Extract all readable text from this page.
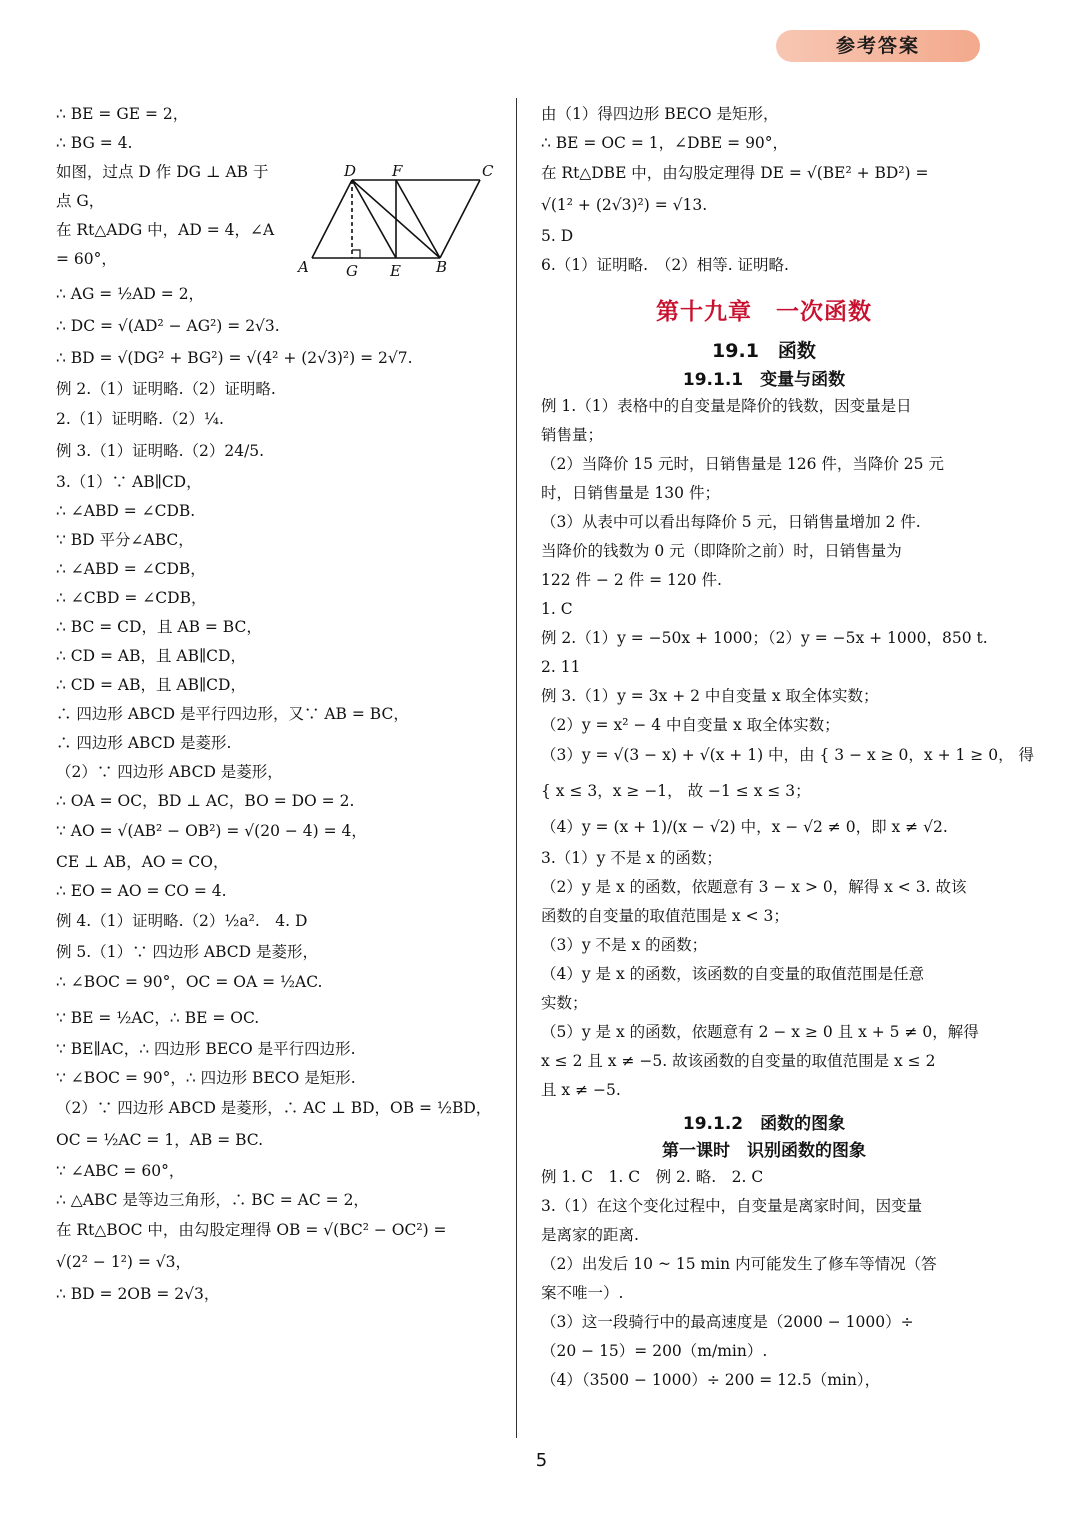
参考答案
∴ BE = GE = 2，
∴ BG = 4.
如图，过点 D 作 DG ⊥ AB 于
点 G，
在 Rt△ADG 中，AD = 4，∠A
= 60°，
∴ AG = ½AD = 2，
∴ DC = √(AD² − AG²) = 2√3.
∴ BD = √(DG² + BG²) = √(4² + (2√3)²) = 2√7.
例 2.（1）证明略.（2）证明略.
2.（1）证明略.（2）¼.
例 3.（1）证明略.（2）24/5.
3.（1）∵ AB∥CD，
∴ ∠ABD = ∠CDB.
∵ BD 平分∠ABC，
∴ ∠ABD = ∠CDB，
∴ ∠CBD = ∠CDB，
∴ BC = CD，且 AB = BC，
∴ CD = AB，且 AB∥CD，
∴ CD = AB，且 AB∥CD，
∴ 四边形 ABCD 是平行四边形，又∵ AB = BC，
∴ 四边形 ABCD 是菱形.
（2）∵ 四边形 ABCD 是菱形，
∴ OA = OC，BD ⊥ AC，BO = DO = 2.
∵ AO = √(AB² − OB²) = √(20 − 4) = 4，
CE ⊥ AB，AO = CO，
∴ EO = AO = CO = 4.
例 4.（1）证明略.（2）½a².　4. D
例 5.（1）∵ 四边形 ABCD 是菱形，
∴ ∠BOC = 90°，OC = OA = ½AC.
∵ BE = ½AC，∴ BE = OC.
∵ BE∥AC，∴ 四边形 BECO 是平行四边形.
∵ ∠BOC = 90°，∴ 四边形 BECO 是矩形.
（2）∵ 四边形 ABCD 是菱形，∴ AC ⊥ BD，OB = ½BD，
OC = ½AC = 1，AB = BC.
∵ ∠ABC = 60°，
∴ △ABC 是等边三角形，∴ BC = AC = 2，
在 Rt△BOC 中，由勾股定理得 OB = √(BC² − OC²) =
√(2² − 1²) = √3，
∴ BD = 2OB = 2√3，
D F	C
A G E B
由（1）得四边形 BECO 是矩形，
∴ BE = OC = 1，∠DBE = 90°，
在 Rt△DBE 中，由勾股定理得 DE = √(BE² + BD²) =
√(1² + (2√3)²) = √13.
5. D
6.（1）证明略.　（2）相等. 证明略.
第十九章　一次函数
19.1　函数
19.1.1　变量与函数
例 1.（1）表格中的自变量是降价的钱数，因变量是日
销售量；
（2）当降价 15 元时，日销售量是 126 件，当降价 25 元
时，日销售量是 130 件；
（3）从表中可以看出每降价 5 元，日销售量增加 2 件.
当降价的钱数为 0 元（即降阶之前）时，日销售量为
122 件 − 2 件 = 120 件.
1. C
例 2.（1）y = −50x + 1000；（2）y = −5x + 1000，850 t.
2. 11
例 3.（1）y = 3x + 2 中自变量 x 取全体实数；
（2）y = x² − 4 中自变量 x 取全体实数；
（3）y = √(3 − x) + √(x + 1) 中，由 { 3 − x ≥ 0，x + 1 ≥ 0， 得
{ x ≤ 3，x ≥ −1， 故 −1 ≤ x ≤ 3；
（4）y = (x + 1)/(x − √2) 中，x − √2 ≠ 0，即 x ≠ √2.
3.（1）y 不是 x 的函数；
（2）y 是 x 的函数，依题意有 3 − x > 0，解得 x < 3. 故该
函数的自变量的取值范围是 x < 3；
（3）y 不是 x 的函数；
（4）y 是 x 的函数，该函数的自变量的取值范围是任意
实数；
（5）y 是 x 的函数，依题意有 2 − x ≥ 0 且 x + 5 ≠ 0，解得
x ≤ 2 且 x ≠ −5. 故该函数的自变量的取值范围是 x ≤ 2
且 x ≠ −5.
19.1.2　函数的图象
第一课时　识别函数的图象
例 1. C　1. C　例 2. 略.　2. C
3.（1）在这个变化过程中，自变量是离家时间，因变量
是离家的距离.
（2）出发后 10 ~ 15 min 内可能发生了修车等情况（答
案不唯一）.
（3）这一段骑行中的最高速度是（2000 − 1000）÷
（20 − 15）= 200（m/min）.
（4）（3500 − 1000）÷ 200 = 12.5（min），
5
